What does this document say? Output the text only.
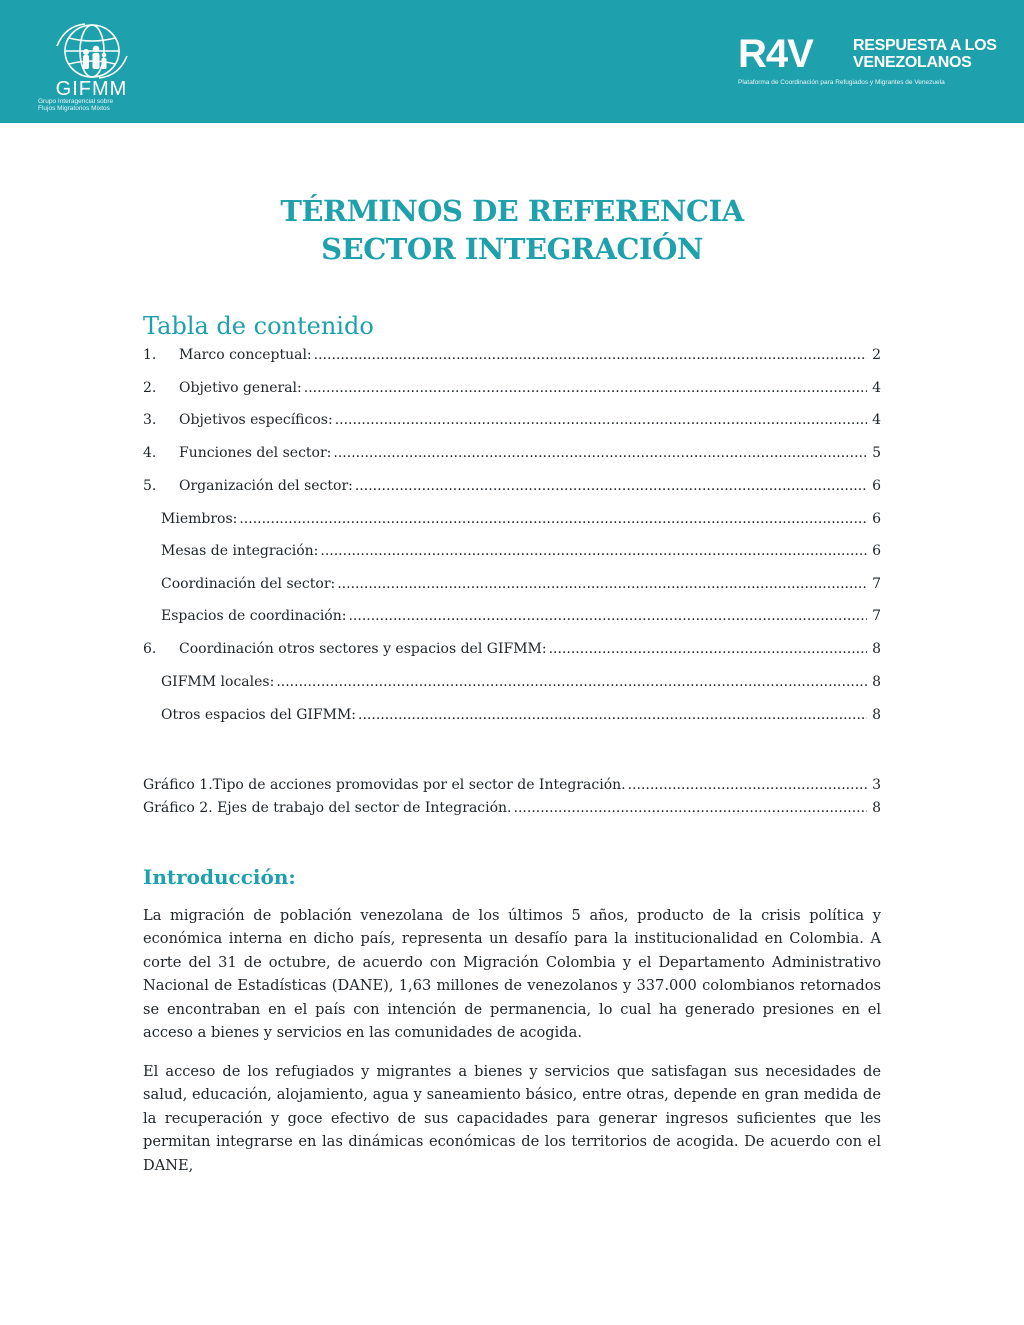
GIFMM
Grupo Interagencial sobre
Flujos Migratorios Mixtos
R4V	RESPUESTA A LOS
VENEZOLANOS
Plataforma de Coordinación para Refugiados y Migrantes de Venezuela
TÉRMINOS DE REFERENCIA
SECTOR INTEGRACIÓN
Tabla de contenido
1.	Marco conceptual: .....	2
2.	Objetivo general: .....	4
3.	Objetivos específicos: .....	4
4.	Funciones del sector: .....	5
5.	Organización del sector: .....	6
Miembros: .....	6
Mesas de integración: .....	6
Coordinación del sector: .....	7
Espacios de coordinación: .....	7
6.	Coordinación otros sectores y espacios del GIFMM: .....	8
GIFMM locales: .....	8
Otros espacios del GIFMM: .....	8
Gráfico 1.Tipo de acciones promovidas por el sector de Integración. .....	3
Gráfico 2. Ejes de trabajo del sector de Integración. .....	8
Introducción:

La migración de población venezolana de los últimos 5 años, producto de la crisis política y económica interna en dicho país, representa un desafío para la institucionalidad en Colombia. A corte del 31 de octubre, de acuerdo con Migración Colombia y el Departamento Administrativo Nacional de Estadísticas (DANE), 1,63 millones de venezolanos y 337.000 colombianos retornados se encontraban en el país con intención de permanencia, lo cual ha generado presiones en el acceso a bienes y servicios en las comunidades de acogida.

El acceso de los refugiados y migrantes a bienes y servicios que satisfagan sus necesidades de salud, educación, alojamiento, agua y saneamiento básico, entre otras, depende en gran medida de la recuperación y goce efectivo de sus capacidades para generar ingresos suficientes que les permitan integrarse en las dinámicas económicas de los territorios de acogida. De acuerdo con el DANE,
